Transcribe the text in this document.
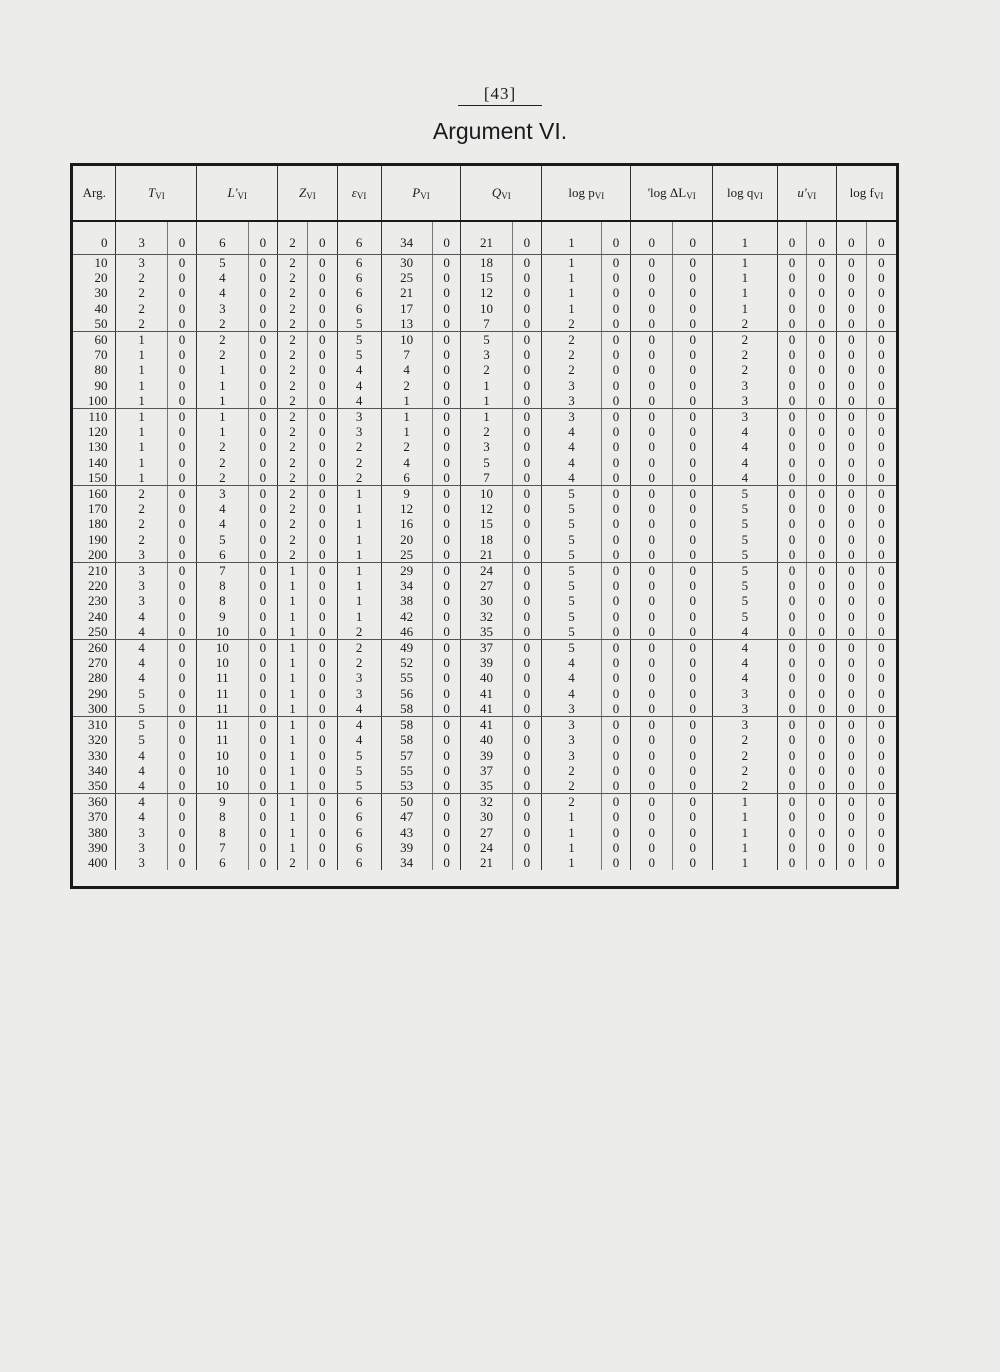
[43]
Argument VI.
Arg.	TVI		L'VI		ZVI		εVI	PVI		QVI		log pVI		'log ΔLVI		log qVI	u'VI		log fVI	

0	3	0	6	0	2	0	6	34	0	21	0	1	0	0	0	1	0	0	0	0
10	3	0	5	0	2	0	6	30	0	18	0	1	0	0	0	1	0	0	0	0
20	2	0	4	0	2	0	6	25	0	15	0	1	0	0	0	1	0	0	0	0
30	2	0	4	0	2	0	6	21	0	12	0	1	0	0	0	1	0	0	0	0
40	2	0	3	0	2	0	6	17	0	10	0	1	0	0	0	1	0	0	0	0
50	2	0	2	0	2	0	5	13	0	7	0	2	0	0	0	2	0	0	0	0
60	1	0	2	0	2	0	5	10	0	5	0	2	0	0	0	2	0	0	0	0
70	1	0	2	0	2	0	5	7	0	3	0	2	0	0	0	2	0	0	0	0
80	1	0	1	0	2	0	4	4	0	2	0	2	0	0	0	2	0	0	0	0
90	1	0	1	0	2	0	4	2	0	1	0	3	0	0	0	3	0	0	0	0
100	1	0	1	0	2	0	4	1	0	1	0	3	0	0	0	3	0	0	0	0
110	1	0	1	0	2	0	3	1	0	1	0	3	0	0	0	3	0	0	0	0
120	1	0	1	0	2	0	3	1	0	2	0	4	0	0	0	4	0	0	0	0
130	1	0	2	0	2	0	2	2	0	3	0	4	0	0	0	4	0	0	0	0
140	1	0	2	0	2	0	2	4	0	5	0	4	0	0	0	4	0	0	0	0
150	1	0	2	0	2	0	2	6	0	7	0	4	0	0	0	4	0	0	0	0
160	2	0	3	0	2	0	1	9	0	10	0	5	0	0	0	5	0	0	0	0
170	2	0	4	0	2	0	1	12	0	12	0	5	0	0	0	5	0	0	0	0
180	2	0	4	0	2	0	1	16	0	15	0	5	0	0	0	5	0	0	0	0
190	2	0	5	0	2	0	1	20	0	18	0	5	0	0	0	5	0	0	0	0
200	3	0	6	0	2	0	1	25	0	21	0	5	0	0	0	5	0	0	0	0
210	3	0	7	0	1	0	1	29	0	24	0	5	0	0	0	5	0	0	0	0
220	3	0	8	0	1	0	1	34	0	27	0	5	0	0	0	5	0	0	0	0
230	3	0	8	0	1	0	1	38	0	30	0	5	0	0	0	5	0	0	0	0
240	4	0	9	0	1	0	1	42	0	32	0	5	0	0	0	5	0	0	0	0
250	4	0	10	0	1	0	2	46	0	35	0	5	0	0	0	4	0	0	0	0
260	4	0	10	0	1	0	2	49	0	37	0	5	0	0	0	4	0	0	0	0
270	4	0	10	0	1	0	2	52	0	39	0	4	0	0	0	4	0	0	0	0
280	4	0	11	0	1	0	3	55	0	40	0	4	0	0	0	4	0	0	0	0
290	5	0	11	0	1	0	3	56	0	41	0	4	0	0	0	3	0	0	0	0
300	5	0	11	0	1	0	4	58	0	41	0	3	0	0	0	3	0	0	0	0
310	5	0	11	0	1	0	4	58	0	41	0	3	0	0	0	3	0	0	0	0
320	5	0	11	0	1	0	4	58	0	40	0	3	0	0	0	2	0	0	0	0
330	4	0	10	0	1	0	5	57	0	39	0	3	0	0	0	2	0	0	0	0
340	4	0	10	0	1	0	5	55	0	37	0	2	0	0	0	2	0	0	0	0
350	4	0	10	0	1	0	5	53	0	35	0	2	0	0	0	2	0	0	0	0
360	4	0	9	0	1	0	6	50	0	32	0	2	0	0	0	1	0	0	0	0
370	4	0	8	0	1	0	6	47	0	30	0	1	0	0	0	1	0	0	0	0
380	3	0	8	0	1	0	6	43	0	27	0	1	0	0	0	1	0	0	0	0
390	3	0	7	0	1	0	6	39	0	24	0	1	0	0	0	1	0	0	0	0
400	3	0	6	0	2	0	6	34	0	21	0	1	0	0	0	1	0	0	0	0
